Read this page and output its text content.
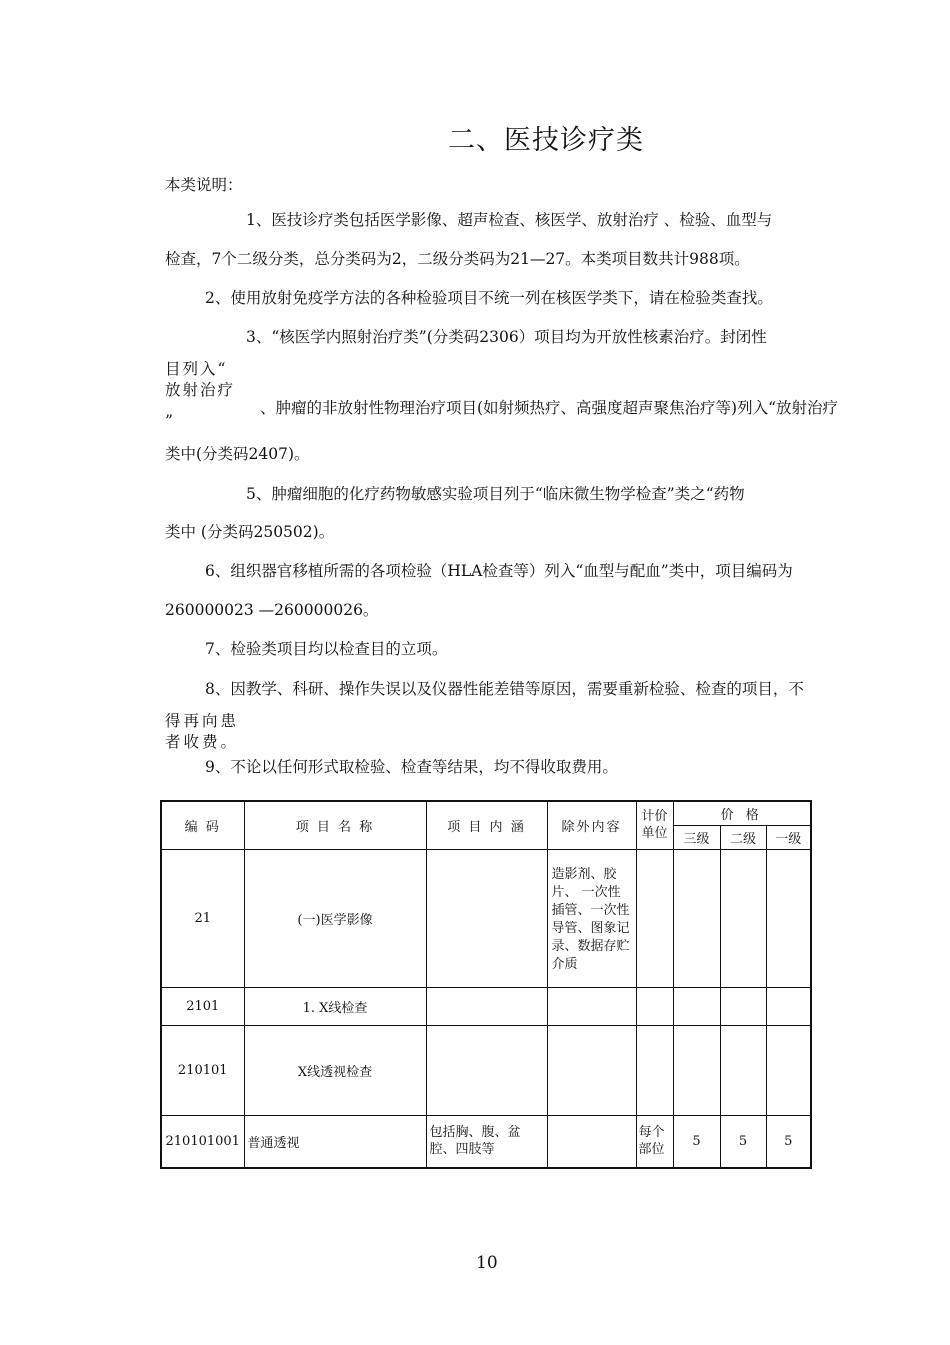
二、医技诊疗类
本类说明：
1、医技诊疗类包括医学影像、超声检查、核医学、放射治疗 、检验、血型与
检查，7个二级分类，总分类码为2，二级分类码为21—27。本类项目数共计988项。
2、使用放射免疫学方法的各种检验项目不统一列在核医学类下，请在检验类查找。
3、“核医学内照射治疗类”(分类码2306）项目均为开放性核素治疗。封闭性
目列入“
放射治疗
、肿瘤的非放射性物理治疗项目(如射频热疗、高强度超声聚焦治疗等)列入“放射治疗
”
类中(分类码2407)。
5、肿瘤细胞的化疗药物敏感实验项目列于“临床微生物学检查”类之“药物
类中 (分类码250502)。
6、组织器官移植所需的各项检验（HLA检查等）列入“血型与配血”类中，项目编码为
260000023 —260000026。
7、检验类项目均以检查目的立项。
8、因教学、科研、操作失误以及仪器性能差错等原因，需要重新检验、检查的项目，不
得再向患
者收费。
9、不论以任何形式取检验、检查等结果，均不得收取费用。
编 码	项 目 名 称	项 目 内 涵	除外内容	计价单位	价 格		
					三级	二级	一级
21	(一)医学影像		造影剂、胶片、 一次性插管、一次性导管、图象记录、数据存贮介质				
2101	1. X线检查						
210101	X线透视检查						
210101001	普通透视	包括胸、腹、盆腔、四肢等		每个部位	5	5	5
10
